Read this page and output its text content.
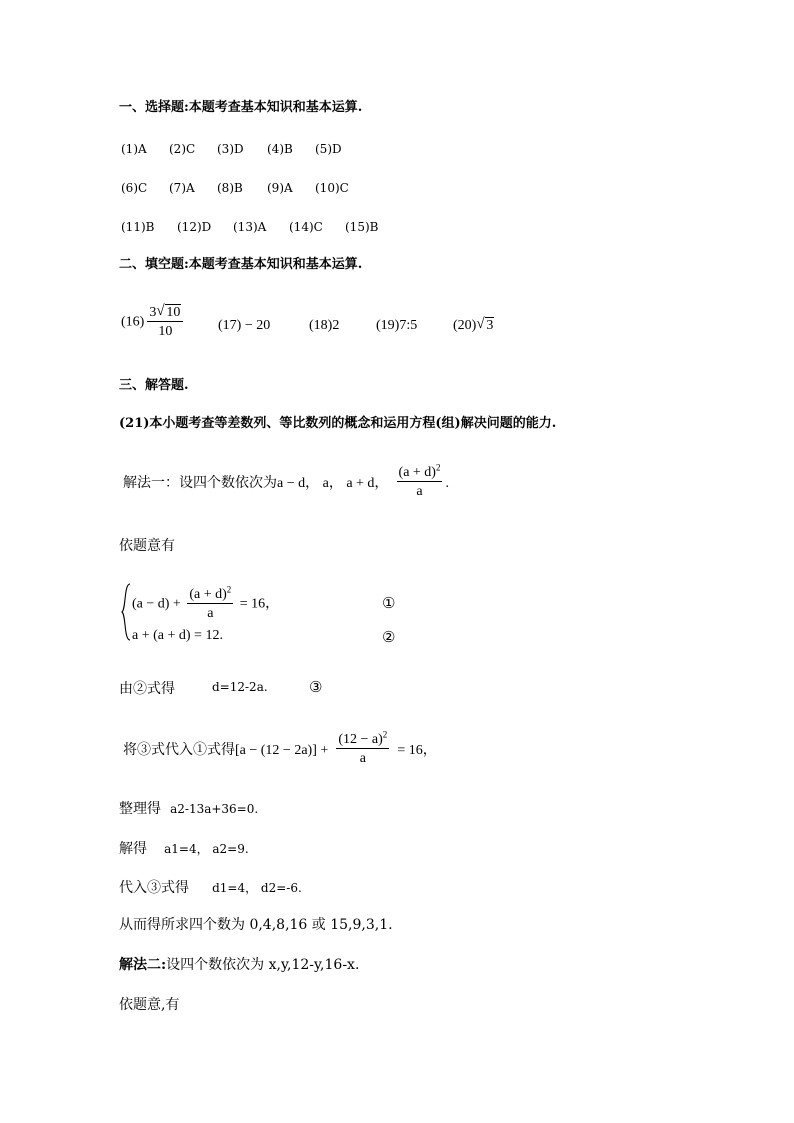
一、选择题:本题考查基本知识和基本运算.
(1)A (2)C (3)D (4)B (5)D
(6)C (7)A (8)B (9)A (10)C
(11)B (12)D (13)A (14)C (15)B
二、填空题:本题考查基本知识和基本运算.
$(16) \frac{3 √ 10}{10} (17) - 20$	(18)2	(19)7:5	(20) √ 3
三、解答题.
(21)本小题考查等差数列、等比数列的概念和运用方程(组)解决问题的能力.
解法一：设四个数依次为a − d， a， a + d， $\frac{(a + d)^2}{a}$ .
依题意有
$(a - d) + \frac{(a + d)^2}{a} = 16$，
a + (a + d) = 12.
①
②
由②式得	d=12-2a.	③
将③式代入①式得$[a - (12 - 2a)] + \frac{(12 - a)^2}{a} = 16$，
整理得 a2-13a+36=0.
解得 a1=4， a2=9.
代入③式得 d1=4， d2=-6.
从而得所求四个数为 0,4,8,16 或 15,9,3,1.
解法二:设四个数依次为 x,y,12-y,16-x.
依题意,有
